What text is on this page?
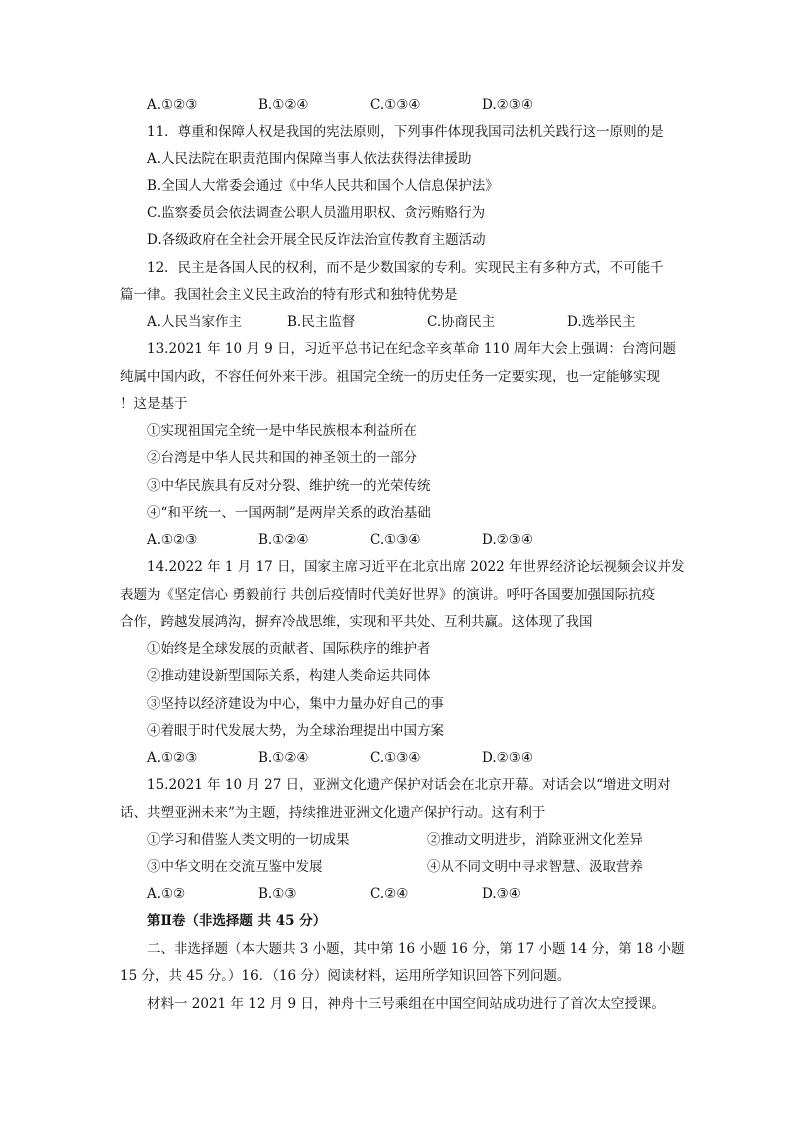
A.①②③	B.①②④	C.①③④	D.②③④
11．尊重和保障人权是我国的宪法原则，下列事件体现我国司法机关践行这一原则的是
A.人民法院在职责范围内保障当事人依法获得法律援助
B.全国人大常委会通过《中华人民共和国个人信息保护法》
C.监察委员会依法调查公职人员滥用职权、贪污贿赂行为
D.各级政府在全社会开展全民反诈法治宣传教育主题活动
12．民主是各国人民的权利，而不是少数国家的专利。实现民主有多种方式，不可能千
篇一律。我国社会主义民主政治的特有形式和独特优势是
A.人民当家作主	B.民主监督	C.协商民主	D.选举民主
13.2021 年 10 月 9 日，习近平总书记在纪念辛亥革命 110 周年大会上强调：台湾问题
纯属中国内政，不容任何外来干涉。祖国完全统一的历史任务一定要实现，也一定能够实现
！这是基于
①实现祖国完全统一是中华民族根本利益所在
②台湾是中华人民共和国的神圣领土的一部分
③中华民族具有反对分裂、维护统一的光荣传统
④“和平统一、一国两制”是两岸关系的政治基础
A.①②③	B.①②④	C.①③④	D.②③④
14.2022 年 1 月 17 日，国家主席习近平在北京出席 2022 年世界经济论坛视频会议并发
表题为《坚定信心 勇毅前行 共创后疫情时代美好世界》的演讲。呼吁各国要加强国际抗疫
合作，跨越发展鸿沟，摒弃冷战思维，实现和平共处、互利共赢。这体现了我国
①始终是全球发展的贡献者、国际秩序的维护者
②推动建设新型国际关系，构建人类命运共同体
③坚持以经济建设为中心，集中力量办好自己的事
④着眼于时代发展大势，为全球治理提出中国方案
A.①②③	B.①②④	C.①③④	D.②③④
15.2021 年 10 月 27 日，亚洲文化遗产保护对话会在北京开幕。对话会以“增进文明对
话、共塑亚洲未来”为主题，持续推进亚洲文化遗产保护行动。这有利于
①学习和借鉴人类文明的一切成果	②推动文明进步，消除亚洲文化差异
③中华文明在交流互鉴中发展	④从不同文明中寻求智慧、汲取营养
A.①②	B.①③	C.②④	D.③④
第Ⅱ卷（非选择题 共 45 分）
二、非选择题（本大题共 3 小题，其中第 16 小题 16 分，第 17 小题 14 分，第 18 小题
15 分，共 45 分。）16．（16 分）阅读材料，运用所学知识回答下列问题。
材料一 2021 年 12 月 9 日，神舟十三号乘组在中国空间站成功进行了首次太空授课。
